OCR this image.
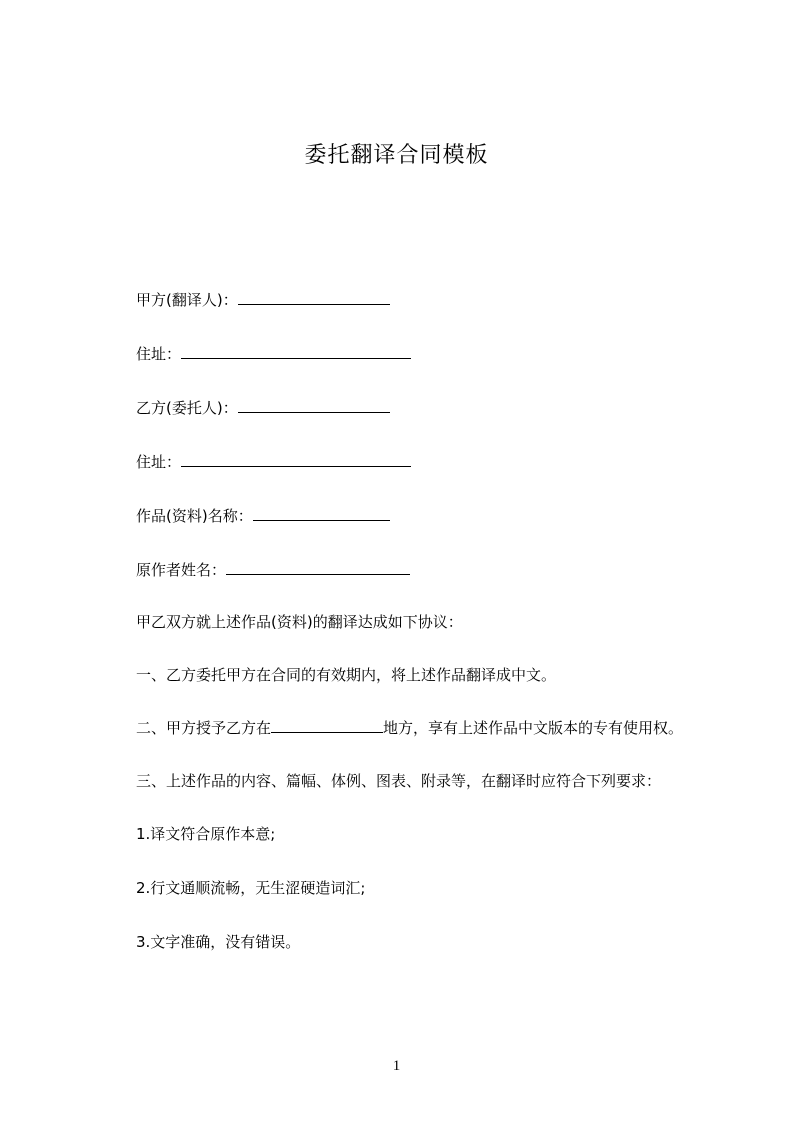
委托翻译合同模板
甲方(翻译人)：
住址：
乙方(委托人)：
住址：
作品(资料)名称：
原作者姓名：
甲乙双方就上述作品(资料)的翻译达成如下协议：
一、乙方委托甲方在合同的有效期内，将上述作品翻译成中文。
二、甲方授予乙方在	地方，享有上述作品中文版本的专有使用权。
三、上述作品的内容、篇幅、体例、图表、附录等，在翻译时应符合下列要求：
1.译文符合原作本意;
2.行文通顺流畅，无生涩硬造词汇;
3.文字准确，没有错误。
1
